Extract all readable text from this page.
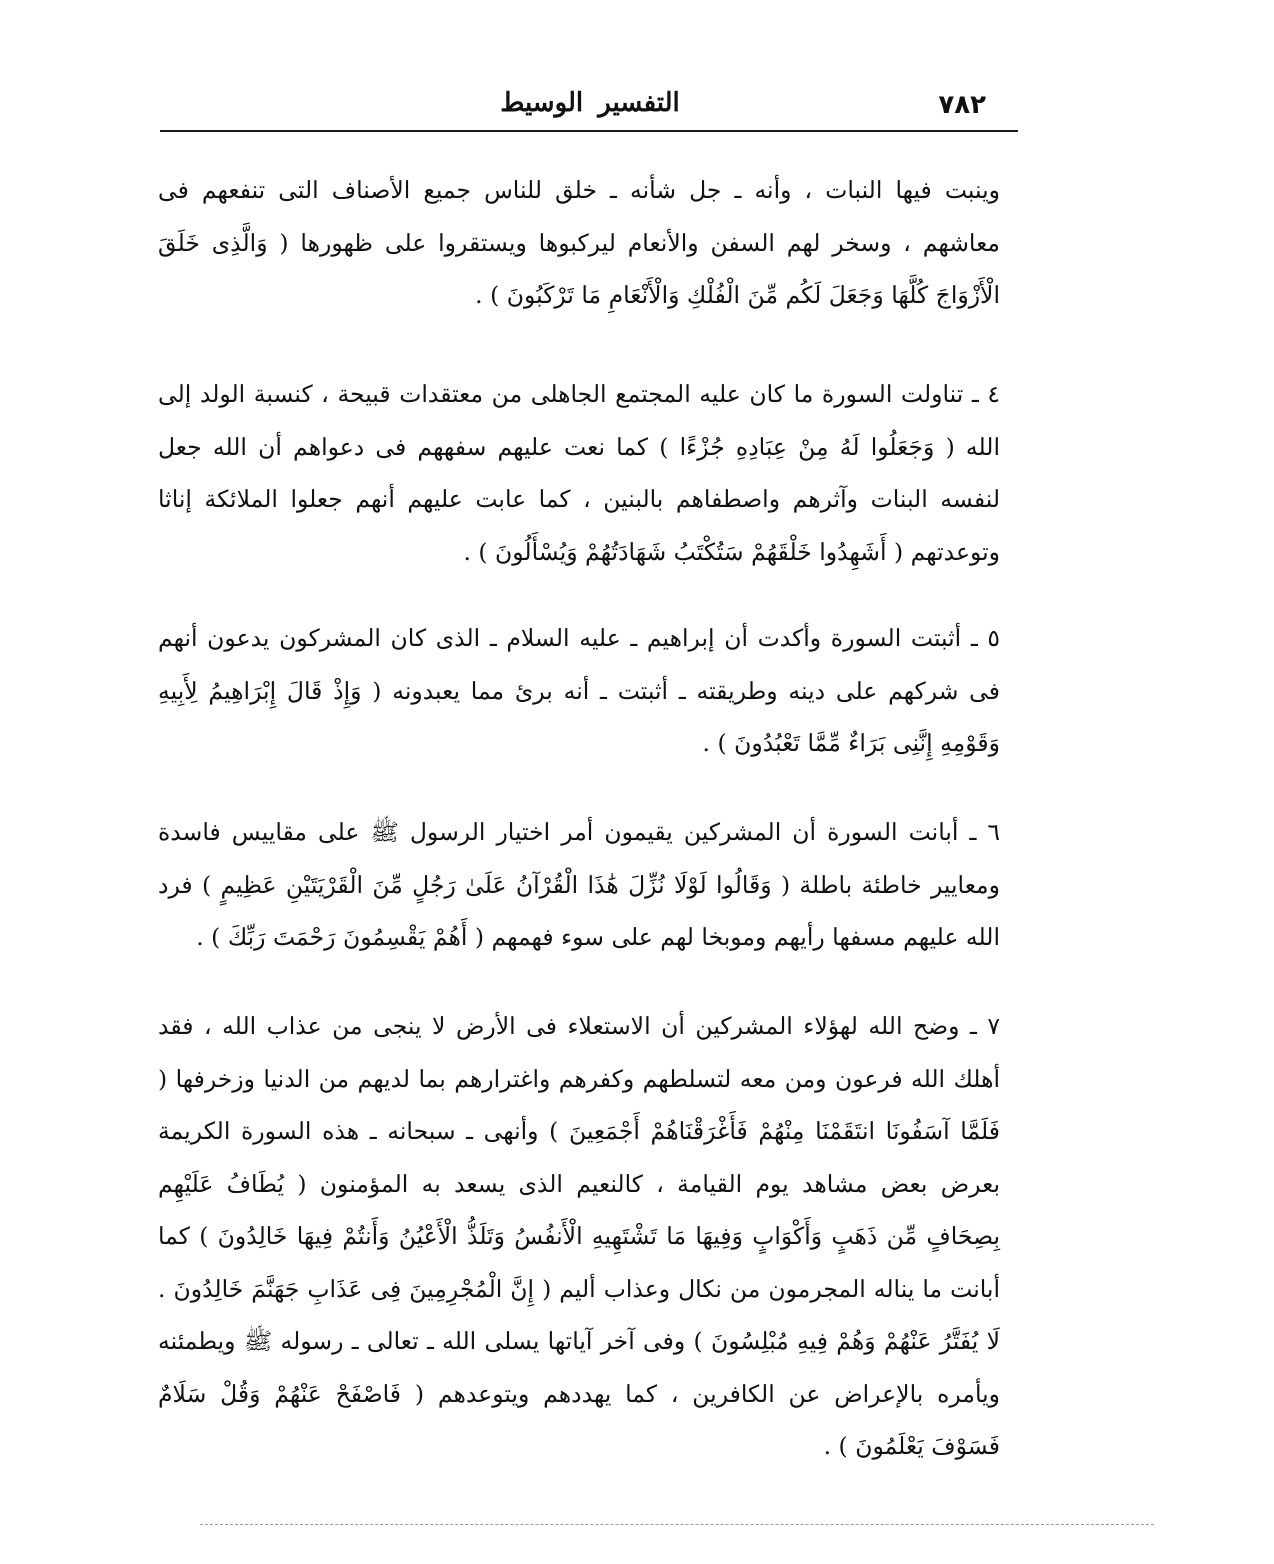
٧٨٢
التفسير الوسيط

وينبت فيها النبات ، وأنه ـ جل شأنه ـ خلق للناس جميع الأصناف التى تنفعهم فى معاشهم ، وسخر لهم السفن والأنعام ليركبوها ويستقروا على ظهورها ( وَالَّذِى خَلَقَ الْأَزْوَاجَ كُلَّهَا وَجَعَلَ لَكُم مِّنَ الْفُلْكِ وَالْأَنْعَامِ مَا تَرْكَبُونَ ) .

٤ ـ تناولت السورة ما كان عليه المجتمع الجاهلى من معتقدات قبيحة ، كنسبة الولد إلى الله ( وَجَعَلُوا لَهُ مِنْ عِبَادِهِ جُزْءًا ) كما نعت عليهم سفههم فى دعواهم أن الله جعل لنفسه البنات وآثرهم واصطفاهم بالبنين ، كما عابت عليهم أنهم جعلوا الملائكة إناثا وتوعدتهم ( أَشَهِدُوا خَلْقَهُمْ سَتُكْتَبُ شَهَادَتُهُمْ وَيُسْأَلُونَ ) .

٥ ـ أثبتت السورة وأكدت أن إبراهيم ـ عليه السلام ـ الذى كان المشركون يدعون أنهم فى شركهم على دينه وطريقته ـ أثبتت ـ أنه برئ مما يعبدونه ( وَإِذْ قَالَ إِبْرَاهِيمُ لِأَبِيهِ وَقَوْمِهِ إِنَّنِى بَرَاءٌ مِّمَّا تَعْبُدُونَ ) .

٦ ـ أبانت السورة أن المشركين يقيمون أمر اختيار الرسول ﷺ على مقاييس فاسدة ومعايير خاطئة باطلة ( وَقَالُوا لَوْلَا نُزِّلَ هَٰذَا الْقُرْآنُ عَلَىٰ رَجُلٍ مِّنَ الْقَرْيَتَيْنِ عَظِيمٍ ) فرد الله عليهم مسفها رأيهم وموبخا لهم على سوء فهمهم ( أَهُمْ يَقْسِمُونَ رَحْمَتَ رَبِّكَ ) .

٧ ـ وضح الله لهؤلاء المشركين أن الاستعلاء فى الأرض لا ينجى من عذاب الله ، فقد أهلك الله فرعون ومن معه لتسلطهم وكفرهم واغترارهم بما لديهم من الدنيا وزخرفها ( فَلَمَّا آسَفُونَا انتَقَمْنَا مِنْهُمْ فَأَغْرَقْنَاهُمْ أَجْمَعِينَ ) وأنهى ـ سبحانه ـ هذه السورة الكريمة بعرض بعض مشاهد يوم القيامة ، كالنعيم الذى يسعد به المؤمنون ( يُطَافُ عَلَيْهِم بِصِحَافٍ مِّن ذَهَبٍ وَأَكْوَابٍ وَفِيهَا مَا تَشْتَهِيهِ الْأَنفُسُ وَتَلَذُّ الْأَعْيُنُ وَأَنتُمْ فِيهَا خَالِدُونَ ) كما أبانت ما يناله المجرمون من نكال وعذاب أليم ( إِنَّ الْمُجْرِمِينَ فِى عَذَابِ جَهَنَّمَ خَالِدُونَ . لَا يُفَتَّرُ عَنْهُمْ وَهُمْ فِيهِ مُبْلِسُونَ ) وفى آخر آياتها يسلى الله ـ تعالى ـ رسوله ﷺ ويطمئنه ويأمره بالإعراض عن الكافرين ، كما يهددهم ويتوعدهم ( فَاصْفَحْ عَنْهُمْ وَقُلْ سَلَامٌ فَسَوْفَ يَعْلَمُونَ ) .
